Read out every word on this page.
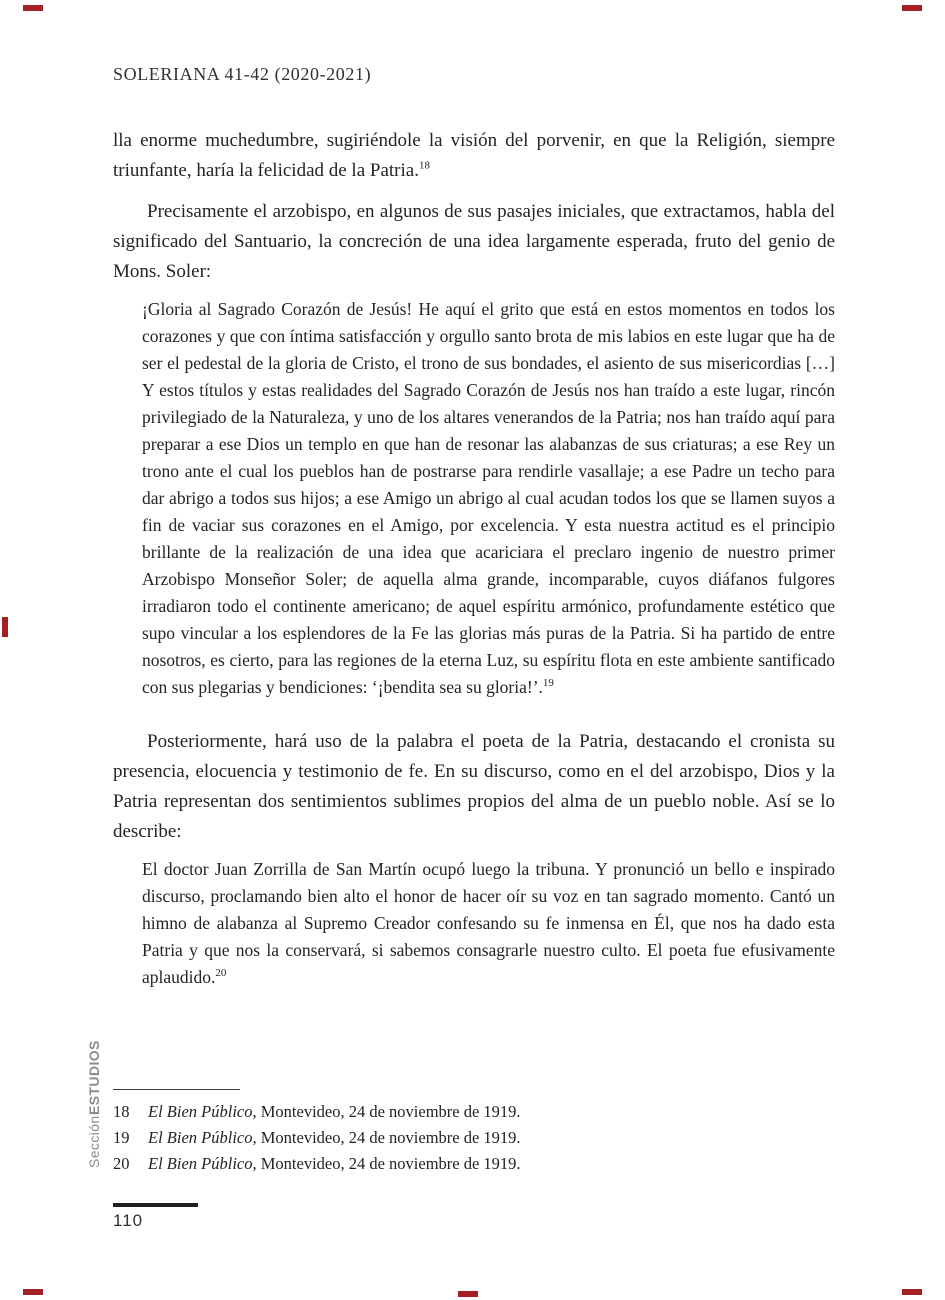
SOLERIANA 41-42 (2020-2021)

lla enorme muchedumbre, sugiriéndole la visión del porvenir, en que la Religión, siempre triunfante, haría la felicidad de la Patria.$^{18}$

Precisamente el arzobispo, en algunos de sus pasajes iniciales, que extractamos, habla del significado del Santuario, la concreción de una idea largamente esperada, fruto del genio de Mons. Soler:

¡Gloria al Sagrado Corazón de Jesús! He aquí el grito que está en estos momentos en todos los corazones y que con íntima satisfacción y orgullo santo brota de mis labios en este lugar que ha de ser el pedestal de la gloria de Cristo, el trono de sus bondades, el asiento de sus misericordias […] Y estos títulos y estas realidades del Sagrado Corazón de Jesús nos han traído a este lugar, rincón privilegiado de la Naturaleza, y uno de los altares venerandos de la Patria; nos han traído aquí para preparar a ese Dios un templo en que han de resonar las alabanzas de sus criaturas; a ese Rey un trono ante el cual los pueblos han de postrarse para rendirle vasallaje; a ese Padre un techo para dar abrigo a todos sus hijos; a ese Amigo un abrigo al cual acudan todos los que se llamen suyos a fin de vaciar sus corazones en el Amigo, por excelencia. Y esta nuestra actitud es el principio brillante de la realización de una idea que acariciara el preclaro ingenio de nuestro primer Arzobispo Monseñor Soler; de aquella alma grande, incomparable, cuyos diáfanos fulgores irradiaron todo el continente americano; de aquel espíritu armónico, profundamente estético que supo vincular a los esplendores de la Fe las glorias más puras de la Patria. Si ha partido de entre nosotros, es cierto, para las regiones de la eterna Luz, su espíritu flota en este ambiente santificado con sus plegarias y bendiciones: ‘¡bendita sea su gloria!’.$^{19}$

Posteriormente, hará uso de la palabra el poeta de la Patria, destacando el cronista su presencia, elocuencia y testimonio de fe. En su discurso, como en el del arzobispo, Dios y la Patria representan dos sentimientos sublimes propios del alma de un pueblo noble. Así se lo describe:

El doctor Juan Zorrilla de San Martín ocupó luego la tribuna. Y pronunció un bello e inspirado discurso, proclamando bien alto el honor de hacer oír su voz en tan sagrado momento. Cantó un himno de alabanza al Supremo Creador confesando su fe inmensa en Él, que nos ha dado esta Patria y que nos la conservará, si sabemos consagrarle nuestro culto. El poeta fue efusivamente aplaudido.$^{20}$
18	El Bien Público, Montevideo, 24 de noviembre de 1919.
19	El Bien Público, Montevideo, 24 de noviembre de 1919.
20	El Bien Público, Montevideo, 24 de noviembre de 1919.
Sección
ESTUDIOS
110
